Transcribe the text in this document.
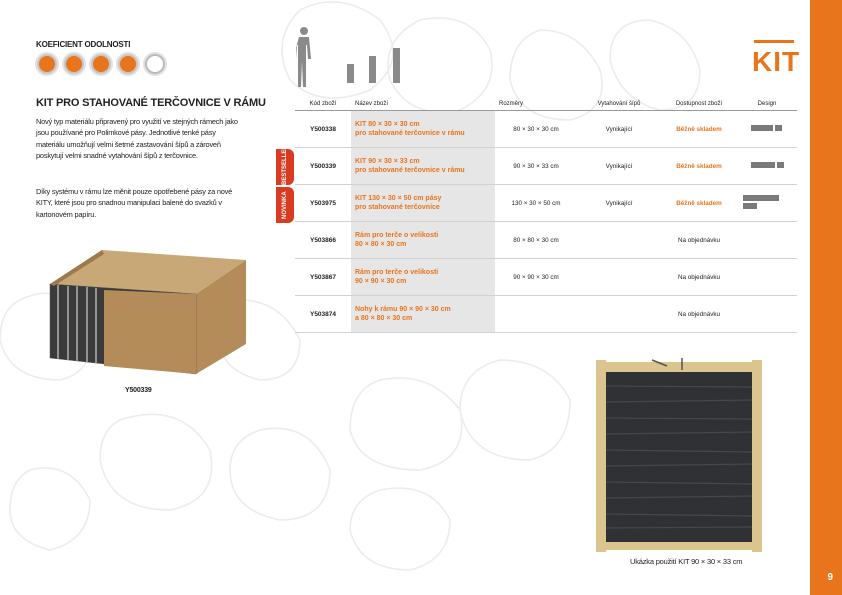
9
KIT
KOEFICIENT ODOLNOSTI
KIT PRO STAHOVANÉ TERČOVNICE V RÁMU
Nový typ materiálu připravený pro využití ve stejných rámech jako jsou používané pro Polimkové pásy. Jednotlivé tenké pásy materiálu umožňují velmi šetrné zastavování šípů a zároveň poskytují velmi snadné vytahování šípů z terčovnice.
Díky systému v rámu lze měnit pouze opotřebené pásy za nové KITY, které jsou pro snadnou manipulaci balené do svazků v kartonovém papíru.
Y500339
BESTSELLER
NOVINKA
Kód zboží	Název zboží	Rozměry	Vytahování šípů	Dostupnost zboží	Design
Y500338	KIT 80 × 30 × 30 cm
pro stahované terčovnice v rámu	80 × 30 × 30 cm	Vynikající	Běžně skladem	
Y500339	KIT 90 × 30 × 33 cm
pro stahované terčovnice v rámu	90 × 30 × 33 cm	Vynikající	Běžně skladem	
Y503975	KIT 130 × 30 × 50 cm pásy
pro stahované terčovnice	130 × 30 × 50 cm	Vynikající	Běžně skladem	
Y503866	Rám pro terče o velikosti
80 × 80 × 30 cm	80 × 80 × 30 cm		Na objednávku	
Y503867	Rám pro terče o velikosti
90 × 90 × 30 cm	90 × 90 × 30 cm		Na objednávku	
Y503874	Nohy k rámu 90 × 90 × 30 cm
a 80 × 80 × 30 cm			Na objednávku	
Ukázka použití KIT 90 × 30 × 33 cm
